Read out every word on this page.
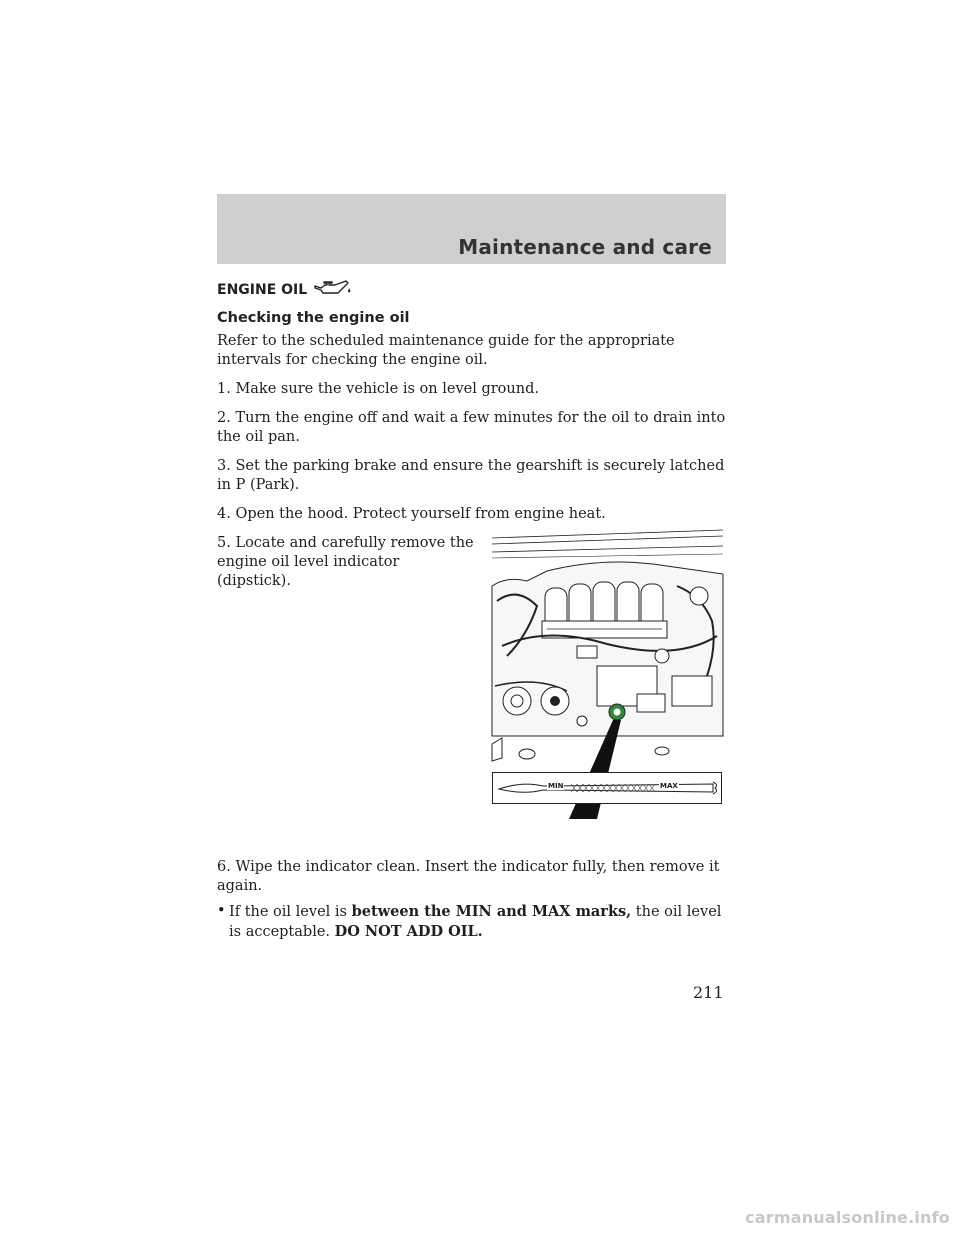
Maintenance and care
ENGINE OIL
Checking the engine oil

Refer to the scheduled maintenance guide for the appropriate intervals for checking the engine oil.

1. Make sure the vehicle is on level ground.

2. Turn the engine off and wait a few minutes for the oil to drain into the oil pan.

3. Set the parking brake and ensure the gearshift is securely latched in P (Park).

4. Open the hood. Protect yourself from engine heat.

5. Locate and carefully remove the engine oil level indicator (dipstick).

MIN	MAX

6. Wipe the indicator clean. Insert the indicator fully, then remove it again.

• If the oil level is between the MIN and MAX marks, the oil level is acceptable. DO NOT ADD OIL.

211
carmanualsonline.info
